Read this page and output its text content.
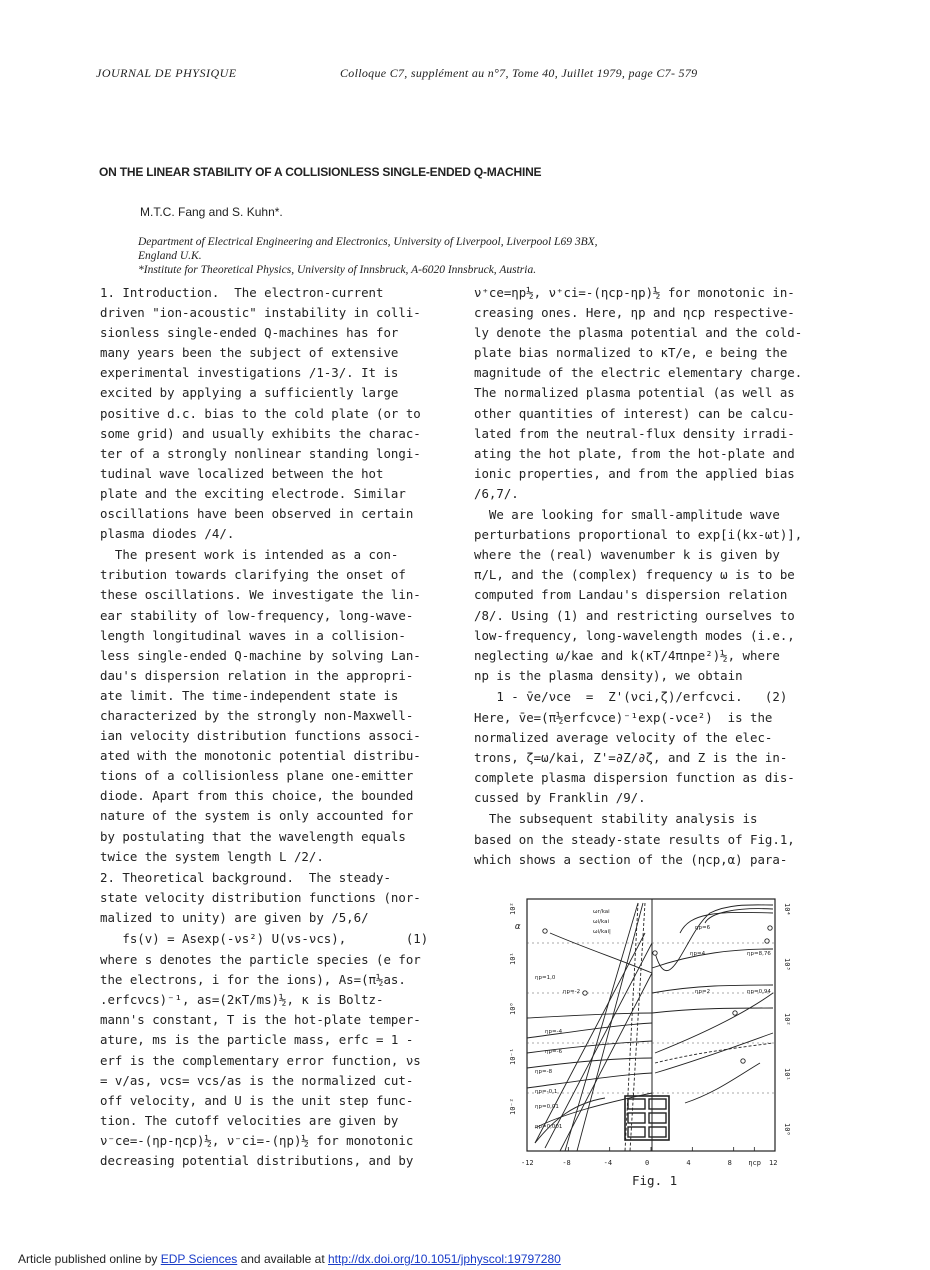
JOURNAL DE PHYSIQUE	Colloque C7, supplément au n°7, Tome 40, Juillet 1979, page C7- 579
ON THE LINEAR STABILITY OF A COLLISIONLESS SINGLE-ENDED Q-MACHINE
M.T.C. Fang and S. Kuhn*.
Department of Electrical Engineering and Electronics, University of Liverpool, Liverpool L69 3BX,
England U.K.
*Institute for Theoretical Physics, University of Innsbruck, A-6020 Innsbruck, Austria.
1. Introduction.  The electron-current
driven "ion-acoustic" instability in colli-
sionless single-ended Q-machines has for
many years been the subject of extensive
experimental investigations /1-3/. It is
excited by applying a sufficiently large
positive d.c. bias to the cold plate (or to
some grid) and usually exhibits the charac-
ter of a strongly nonlinear standing longi-
tudinal wave localized between the hot
plate and the exciting electrode. Similar
oscillations have been observed in certain
plasma diodes /4/.
The present work is intended as a con-
tribution towards clarifying the onset of
these oscillations. We investigate the lin-
ear stability of low-frequency, long-wave-
length longitudinal waves in a collision-
less single-ended Q-machine by solving Lan-
dau's dispersion relation in the appropri-
ate limit. The time-independent state is
characterized by the strongly non-Maxwell-
ian velocity distribution functions associ-
ated with the monotonic potential distribu-
tions of a collisionless plane one-emitter
diode. Apart from this choice, the bounded
nature of the system is only accounted for
by postulating that the wavelength equals
twice the system length L /2/.
2. Theoretical background.  The steady-
state velocity distribution functions (nor-
malized to unity) are given by /5,6/
fs(v) = Asexp(-νs²) U(νs-νcs),        (1)
where s denotes the particle species (e for
the electrons, i for the ions), As=(π½as.
.erfcνcs)⁻¹, as=(2κT/ms)½, κ is Boltz-
mann's constant, T is the hot-plate temper-
ature, ms is the particle mass, erfc = 1 -
erf is the complementary error function, νs
= v/as, νcs= vcs/as is the normalized cut-
off velocity, and U is the unit step func-
tion. The cutoff velocities are given by
ν⁻ce=-(ηp-ηcp)½, ν⁻ci=-(ηp)½ for monotonic
decreasing potential distributions, and by
ν⁺ce=ηp½, ν⁺ci=-(ηcp-ηp)½ for monotonic in-
creasing ones. Here, ηp and ηcp respective-
ly denote the plasma potential and the cold-
plate bias normalized to κT/e, e being the
magnitude of the electric elementary charge.
The normalized plasma potential (as well as
other quantities of interest) can be calcu-
lated from the neutral-flux density irradi-
ating the hot plate, from the hot-plate and
ionic properties, and from the applied bias
/6,7/.
We are looking for small-amplitude wave
perturbations proportional to exp[i(kx-ωt)],
where the (real) wavenumber k is given by
π/L, and the (complex) frequency ω is to be
computed from Landau's dispersion relation
/8/. Using (1) and restricting ourselves to
low-frequency, long-wavelength modes (i.e.,
neglecting ω/kae and k(κT/4πnpe²)½, where
np is the plasma density), we obtain
1 - v̄e/νce  =  Z'(νci,ζ)/erfcνci.   (2)
Here, v̄e=(π½erfcνce)⁻¹exp(-νce²)  is the
normalized average velocity of the elec-
trons, ζ=ω/kai, Z'=∂Z/∂ζ, and Z is the in-
complete plasma dispersion function as dis-
cussed by Franklin /9/.
The subsequent stability analysis is
based on the steady-state results of Fig.1,
which shows a section of the (ηcp,α) para-
-12	-8	-4	0	4	8 ηcp 12
10²
10¹
10⁰
10⁻¹
10⁻²
10⁴
10³
10²
10¹
10⁰
α
ωr/kai
ωi/kai
ωi/kai|
ηp=6
ηp=4
ηp=2
ηp=1,0
ηp=-2
ηp=-4
ηp=-6
ηp=-8
ηp=-0,1
ηp=0,01
ηp=0,001
ηp=8,76
ηp=0,94
Fig. 1
Article published online by EDP Sciences and available at http://dx.doi.org/10.1051/jphyscol:19797280
